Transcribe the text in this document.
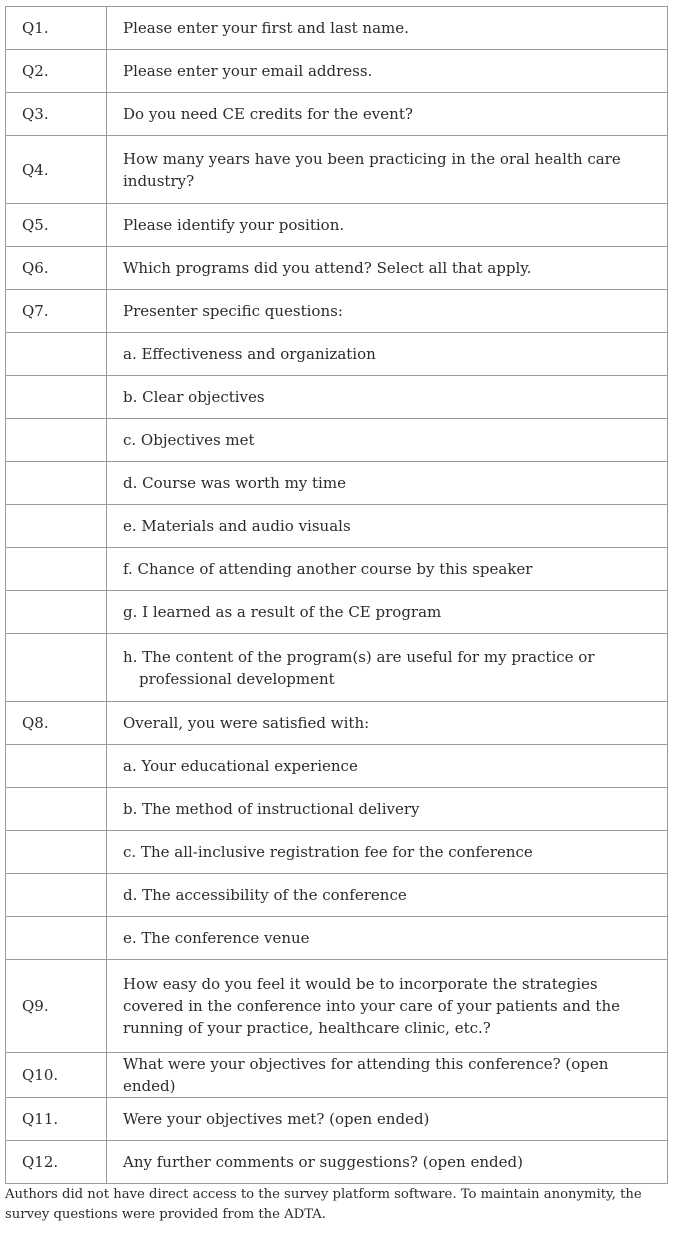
Q1.	Please enter your first and last name.
Q2.	Please enter your email address.
Q3.	Do you need CE credits for the event?
Q4.	How many years have you been practicing in the oral health care industry?
Q5.	Please identify your position.
Q6.	Which programs did you attend? Select all that apply.
Q7.	Presenter specific questions:
	a. Effectiveness and organization
	b. Clear objectives
	c. Objectives met
	d. Course was worth my time
	e. Materials and audio visuals
	f. Chance of attending another course by this speaker
	g. I learned as a result of the CE program

	h. The content of the program(s) are useful for my practice or professional development

Q8.	Overall, you were satisfied with:
	a. Your educational experience
	b. The method of instructional delivery
	c. The all-inclusive registration fee for the conference
	d. The accessibility of the conference
	e. The conference venue
Q9.	How easy do you feel it would be to incorporate the strategies covered in the conference into your care of your patients and the running of your practice, healthcare clinic, etc.?
Q10.	What were your objectives for attending this conference? (open ended)
Q11.	Were your objectives met? (open ended)
Q12.	Any further comments or suggestions? (open ended)
Authors did not have direct access to the survey platform software. To maintain anonymity, the survey questions were provided from the ADTA.
